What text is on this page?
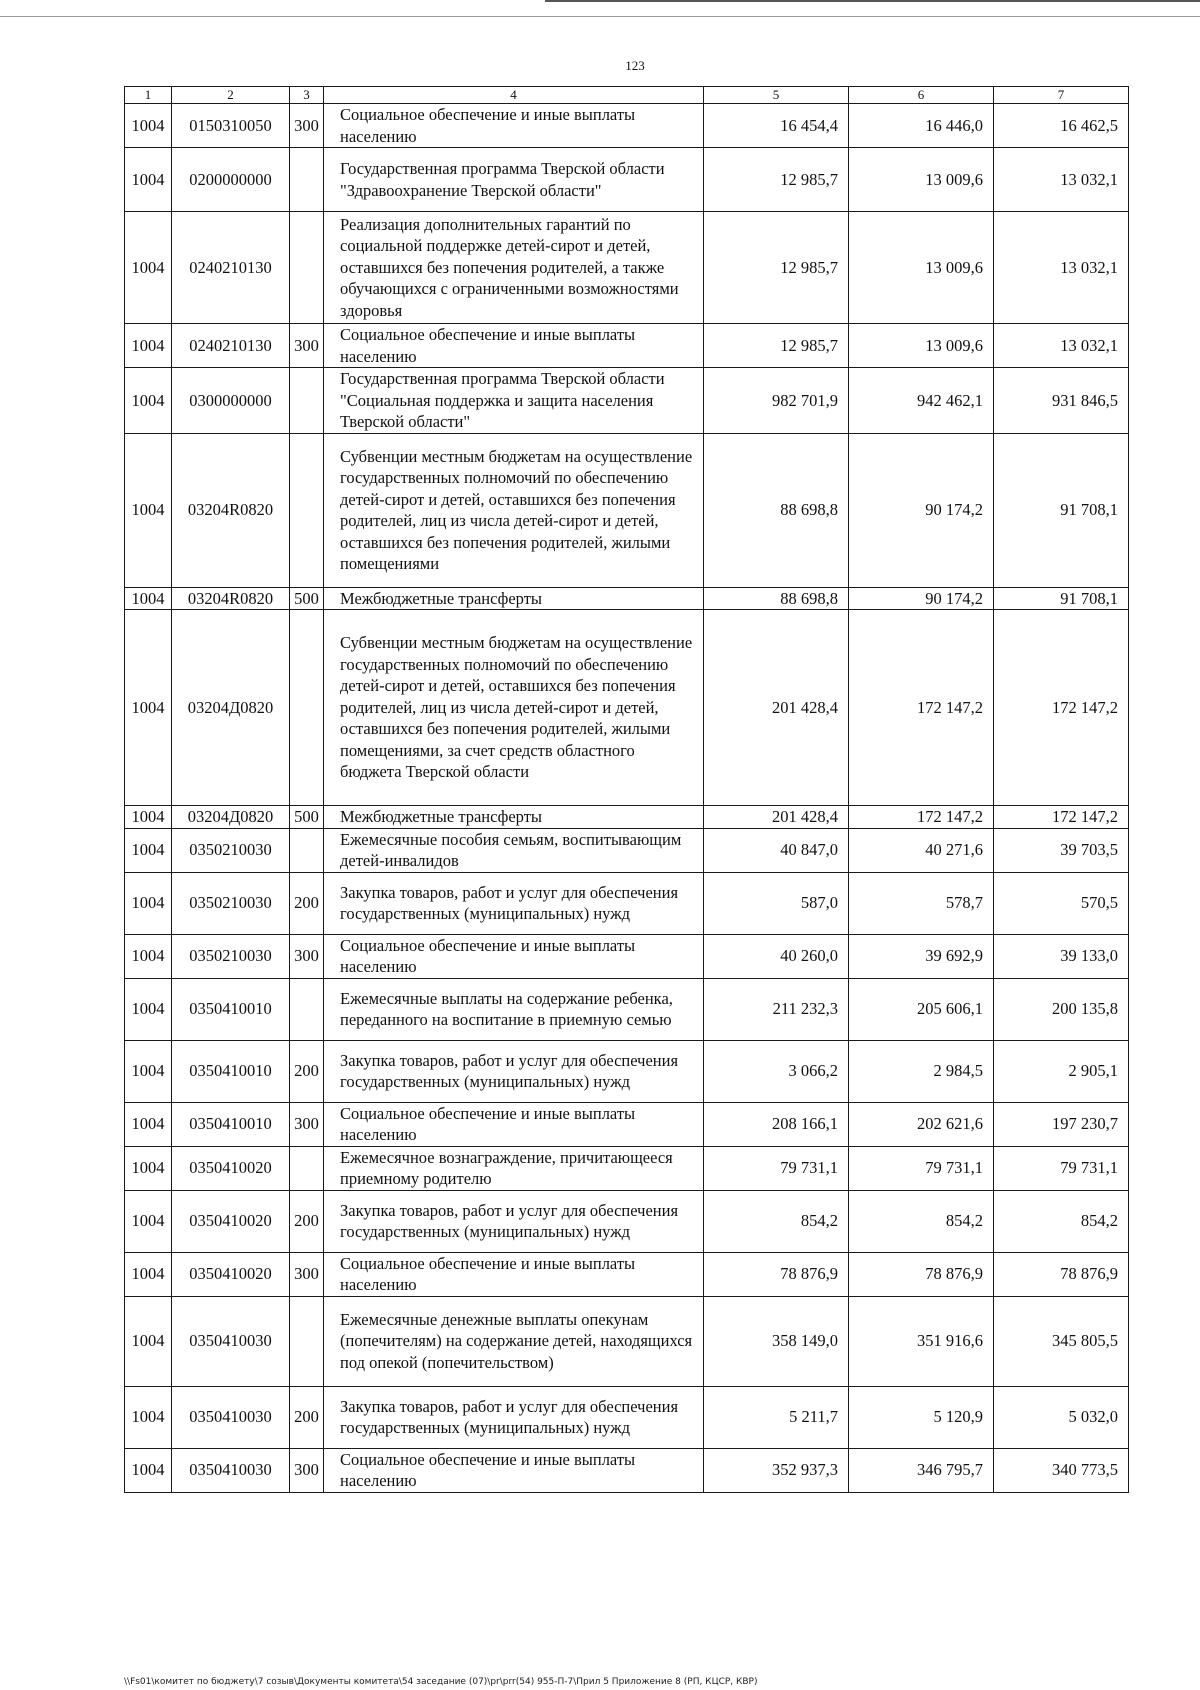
123
1	2	3	4	5	6	7
1004	0150310050	300	Социальное обеспечение и иные выплаты населению	16 454,4	16 446,0	16 462,5
1004	0200000000		Государственная программа Тверской области "Здравоохранение Тверской области"	12 985,7	13 009,6	13 032,1
1004	0240210130		Реализация дополнительных гарантий по социальной поддержке детей-сирот и детей, оставшихся без попечения родителей, а также обучающихся с ограниченными возможностями здоровья	12 985,7	13 009,6	13 032,1
1004	0240210130	300	Социальное обеспечение и иные выплаты населению	12 985,7	13 009,6	13 032,1
1004	0300000000		Государственная программа Тверской области "Социальная поддержка и защита населения Тверской области"	982 701,9	942 462,1	931 846,5
1004	03204R0820		Субвенции местным бюджетам на осуществление государственных полномочий по обеспечению детей-сирот и детей, оставшихся без попечения родителей, лиц из числа детей-сирот и детей, оставшихся без попечения родителей, жилыми помещениями	88 698,8	90 174,2	91 708,1
1004	03204R0820	500	Межбюджетные трансферты	88 698,8	90 174,2	91 708,1
1004	03204Д0820		Субвенции местным бюджетам на осуществление государственных полномочий по обеспечению детей-сирот и детей, оставшихся без попечения родителей, лиц из числа детей-сирот и детей, оставшихся без попечения родителей, жилыми помещениями, за счет средств областного бюджета Тверской области	201 428,4	172 147,2	172 147,2
1004	03204Д0820	500	Межбюджетные трансферты	201 428,4	172 147,2	172 147,2
1004	0350210030		Ежемесячные пособия семьям, воспитывающим детей-инвалидов	40 847,0	40 271,6	39 703,5
1004	0350210030	200	Закупка товаров, работ и услуг для обеспечения государственных (муниципальных) нужд	587,0	578,7	570,5
1004	0350210030	300	Социальное обеспечение и иные выплаты населению	40 260,0	39 692,9	39 133,0
1004	0350410010		Ежемесячные выплаты на содержание ребенка, переданного на воспитание в приемную семью	211 232,3	205 606,1	200 135,8
1004	0350410010	200	Закупка товаров, работ и услуг для обеспечения государственных (муниципальных) нужд	3 066,2	2 984,5	2 905,1
1004	0350410010	300	Социальное обеспечение и иные выплаты населению	208 166,1	202 621,6	197 230,7
1004	0350410020		Ежемесячное вознаграждение, причитающееся приемному родителю	79 731,1	79 731,1	79 731,1
1004	0350410020	200	Закупка товаров, работ и услуг для обеспечения государственных (муниципальных) нужд	854,2	854,2	854,2
1004	0350410020	300	Социальное обеспечение и иные выплаты населению	78 876,9	78 876,9	78 876,9
1004	0350410030		Ежемесячные денежные выплаты опекунам (попечителям) на содержание детей, находящихся под опекой (попечительством)	358 149,0	351 916,6	345 805,5
1004	0350410030	200	Закупка товаров, работ и услуг для обеспечения государственных (муниципальных) нужд	5 211,7	5 120,9	5 032,0
1004	0350410030	300	Социальное обеспечение и иные выплаты населению	352 937,3	346 795,7	340 773,5
\\Fs01\комитет по бюджету\7 созыв\Документы комитета\54 заседание (07)\pr\prr(54) 955-П-7\Прил 5 Приложение 8 (РП, КЦСР, КВР)
